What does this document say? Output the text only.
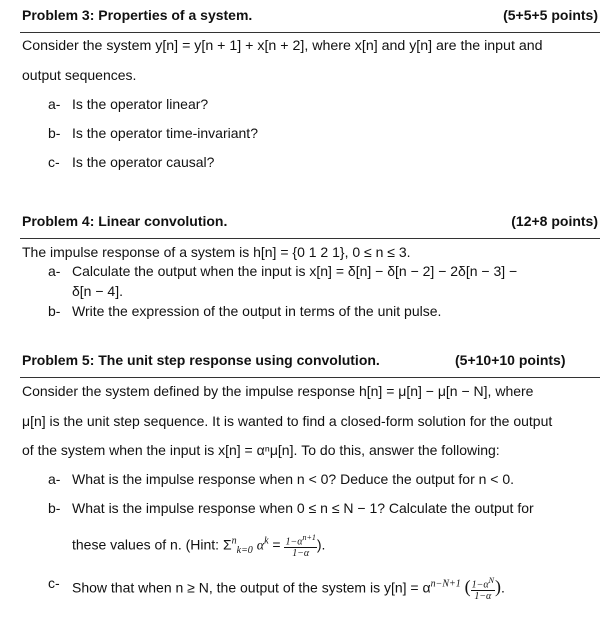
Problem 3: Properties of a system.	(5+5+5 points)
Consider the system y[n] = y[n + 1] + x[n + 2], where x[n] and y[n] are the input and
output sequences.
a- Is the operator linear?
b- Is the operator time-invariant?
c- Is the operator causal?
Problem 4: Linear convolution.	(12+8 points)
The impulse response of a system is h[n] = {0 1 2 1}, 0 ≤ n ≤ 3.
a- Calculate the output when the input is x[n] = δ[n] − δ[n − 2] − 2δ[n − 3] −
δ[n − 4].
b- Write the expression of the output in terms of the unit pulse.
Problem 5: The unit step response using convolution.	(5+10+10 points)
Consider the system defined by the impulse response h[n] = μ[n] − μ[n − N], where
μ[n] is the unit step sequence. It is wanted to find a closed-form solution for the output
of the system when the input is x[n] = αⁿμ[n]. To do this, answer the following:
a- What is the impulse response when n < 0? Deduce the output for n < 0.
b- What is the impulse response when 0 ≤ n ≤ N − 1? Calculate the output for
these values of n. (Hint: $\Sigma^n_{k=0}$ $\alpha^k = \frac{1-\alpha^{n+1}}{1-\alpha}$ ).
c- Show that when n ≥ N, the output of the system is $y[n] = \alpha^{n-N+1}$ ( $\frac{1-\alpha^N}{1-\alpha}$ ).
